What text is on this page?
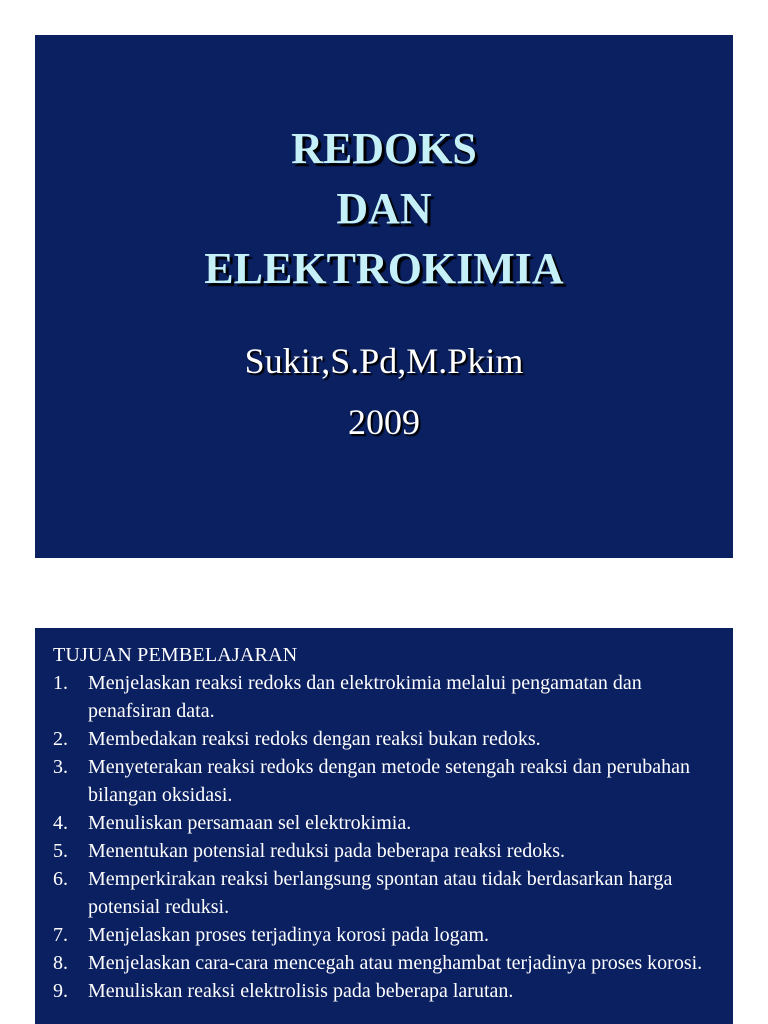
REDOKS
DAN
ELEKTROKIMIA

Sukir,S.Pd,M.Pkim

2009

TUJUAN PEMBELAJARAN

1. Menjelaskan reaksi redoks dan elektrokimia melalui pengamatan dan penafsiran data.
2. Membedakan reaksi redoks dengan reaksi bukan redoks.
3. Menyeterakan reaksi redoks dengan metode setengah reaksi dan perubahan bilangan oksidasi.
4. Menuliskan persamaan sel elektrokimia.
5. Menentukan potensial reduksi pada beberapa reaksi redoks.
6. Memperkirakan reaksi berlangsung spontan atau tidak berdasarkan harga potensial reduksi.
7. Menjelaskan proses terjadinya korosi pada logam.
8. Menjelaskan cara-cara mencegah atau menghambat terjadinya proses korosi.
9. Menuliskan reaksi elektrolisis pada beberapa larutan.
